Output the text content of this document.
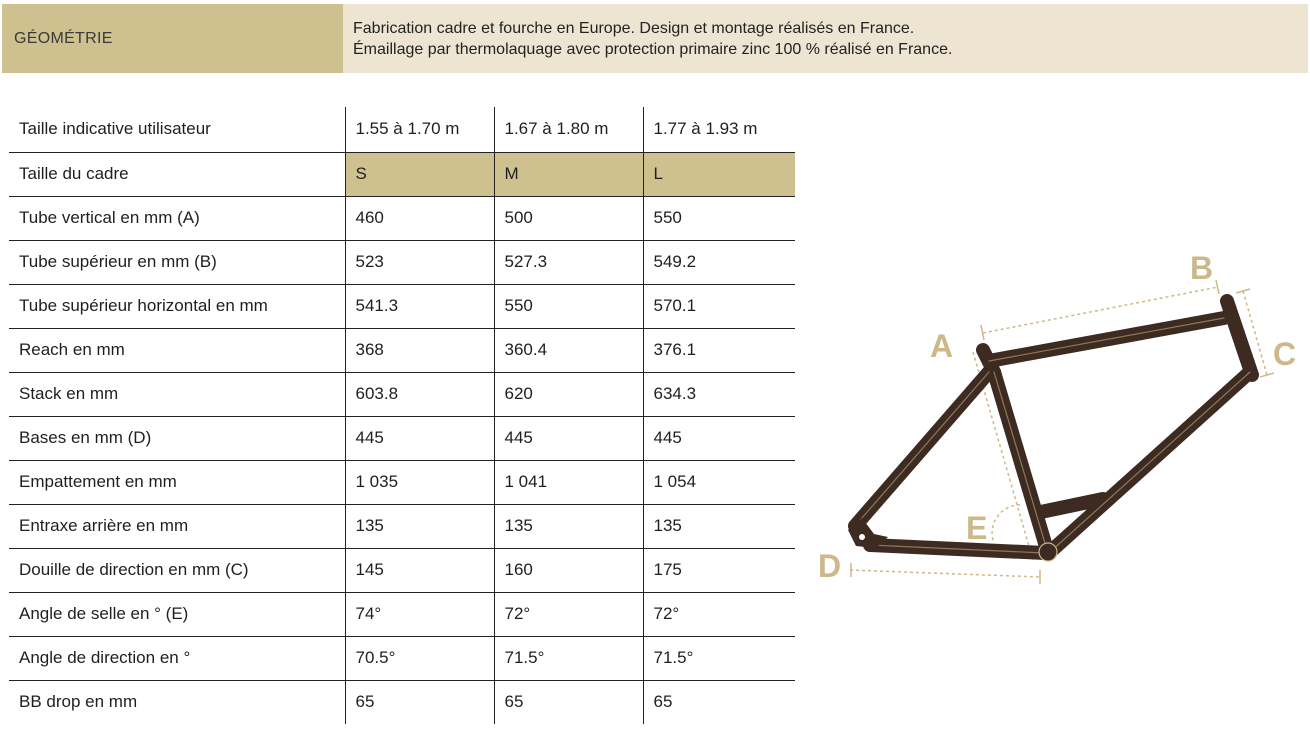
GÉOMÉTRIE
Fabrication cadre et fourche en Europe. Design et montage réalisés en France.
Émaillage par thermolaquage avec protection primaire zinc 100 % réalisé en France.
Taille indicative utilisateur	1.55 à 1.70 m	1.67 à 1.80 m	1.77 à 1.93 m
Taille du cadre	S	M	L
Tube vertical en mm (A)	460	500	550
Tube supérieur en mm (B)	523	527.3	549.2
Tube supérieur horizontal en mm	541.3	550	570.1
Reach en mm	368	360.4	376.1
Stack en mm	603.8	620	634.3
Bases en mm (D)	445	445	445
Empattement en mm	1 035	1 041	1 054
Entraxe arrière en mm	135	135	135
Douille de direction en mm (C)	145	160	175
Angle de selle en ° (E)	74°	72°	72°
Angle de direction en °	70.5°	71.5°	71.5°
BB drop en mm	65	65	65
A
B
C
D
E
